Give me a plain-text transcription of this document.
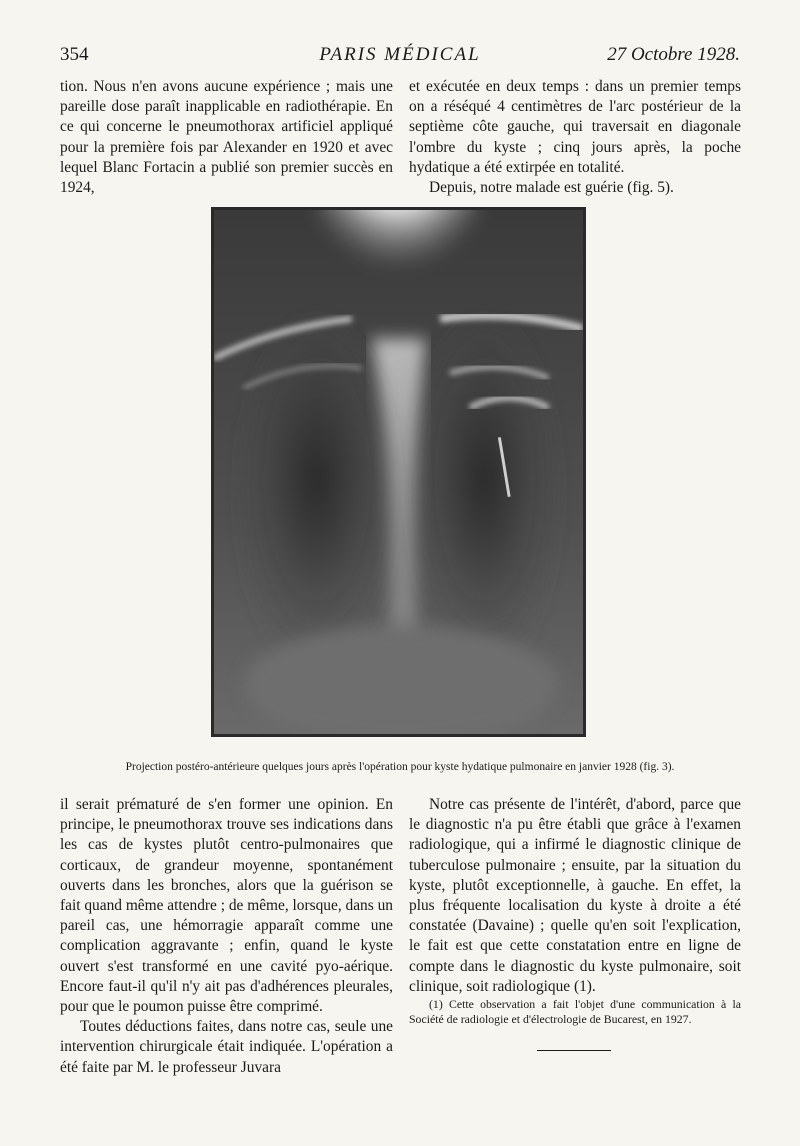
354	PARIS MÉDICAL	27 Octobre 1928.

tion. Nous n'en avons aucune expérience ; mais une pareille dose paraît inapplicable en radiothérapie. En ce qui concerne le pneumothorax artificiel appliqué pour la première fois par Alexander en 1920 et avec lequel Blanc Fortacin a publié son premier succès en 1924,

et exécutée en deux temps : dans un premier temps on a réséqué 4 centimètres de l'arc postérieur de la septième côte gauche, qui traversait en diagonale l'ombre du kyste ; cinq jours après, la poche hydatique a été extirpée en totalité.

Depuis, notre malade est guérie (fig. 5).

Projection postéro-antérieure quelques jours après l'opération pour kyste hydatique pulmonaire en janvier 1928 (fig. 3).

il serait prématuré de s'en former une opinion. En principe, le pneumothorax trouve ses indications dans les cas de kystes plutôt centro-pulmonaires que corticaux, de grandeur moyenne, spontanément ouverts dans les bronches, alors que la guérison se fait quand même attendre ; de même, lorsque, dans un pareil cas, une hémorragie apparaît comme une complication aggravante ; enfin, quand le kyste ouvert s'est transformé en une cavité pyo-aérique. Encore faut-il qu'il n'y ait pas d'adhérences pleurales, pour que le poumon puisse être comprimé.

Toutes déductions faites, dans notre cas, seule une intervention chirurgicale était indiquée. L'opération a été faite par M. le professeur Juvara

Notre cas présente de l'intérêt, d'abord, parce que le diagnostic n'a pu être établi que grâce à l'examen radiologique, qui a infirmé le diagnostic clinique de tuberculose pulmonaire ; ensuite, par la situation du kyste, plutôt exceptionnelle, à gauche. En effet, la plus fréquente localisation du kyste à droite a été constatée (Davaine) ; quelle qu'en soit l'explication, le fait est que cette constatation entre en ligne de compte dans le diagnostic du kyste pulmonaire, soit clinique, soit radiologique (1).

(1) Cette observation a fait l'objet d'une communication à la Société de radiologie et d'électrologie de Bucarest, en 1927.
